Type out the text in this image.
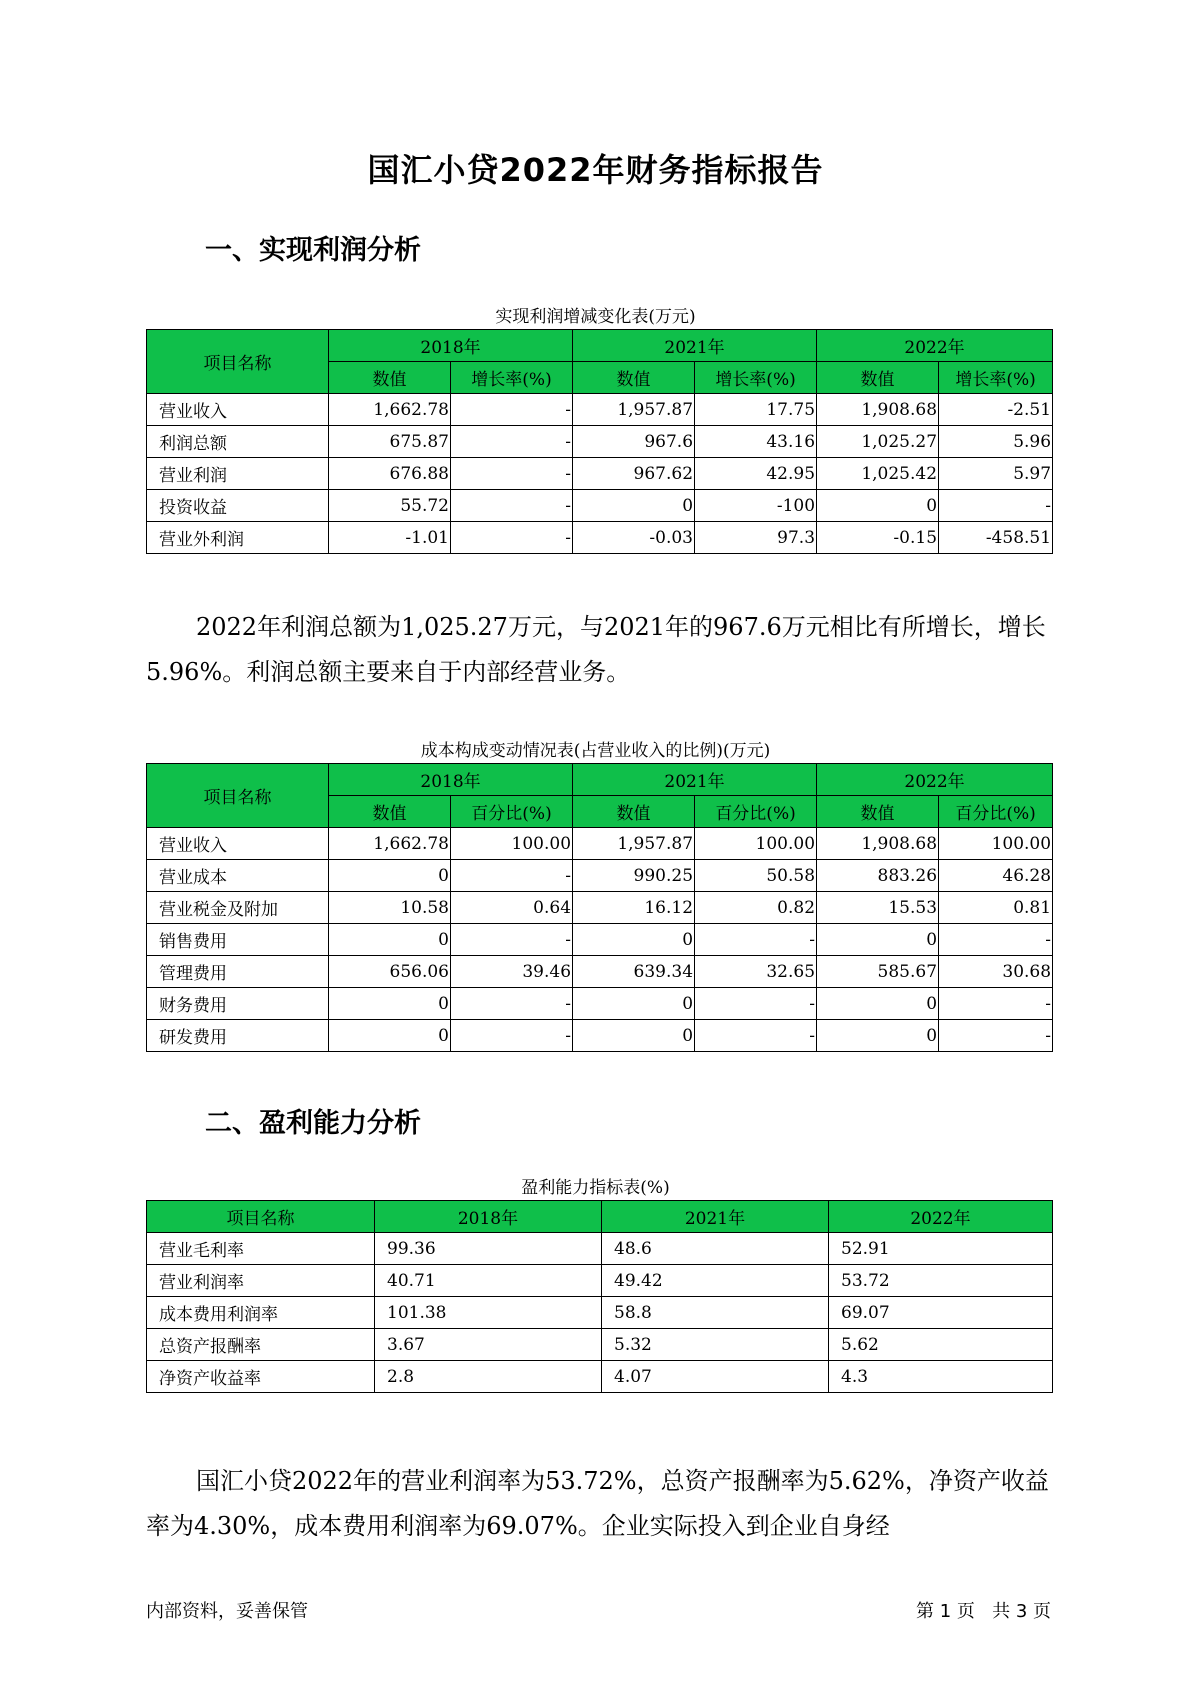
国汇小贷2022年财务指标报告
一、实现利润分析
实现利润增减变化表(万元)
项目名称	2018年		2021年		2022年	
	数值	增长率(%)	数值	增长率(%)	数值	增长率(%)
营业收入	1,662.78	-	1,957.87	17.75	1,908.68	-2.51
利润总额	675.87	-	967.6	43.16	1,025.27	5.96
营业利润	676.88	-	967.62	42.95	1,025.42	5.97
投资收益	55.72	-	0	-100	0	-
营业外利润	-1.01	-	-0.03	97.3	-0.15	-458.51

2022年利润总额为1,025.27万元，与2021年的967.6万元相比有所增长，增长5.96%。利润总额主要来自于内部经营业务。

成本构成变动情况表(占营业收入的比例)(万元)
项目名称	2018年		2021年		2022年	
	数值	百分比(%)	数值	百分比(%)	数值	百分比(%)
营业收入	1,662.78	100.00	1,957.87	100.00	1,908.68	100.00
营业成本	0	-	990.25	50.58	883.26	46.28
营业税金及附加	10.58	0.64	16.12	0.82	15.53	0.81
销售费用	0	-	0	-	0	-
管理费用	656.06	39.46	639.34	32.65	585.67	30.68
财务费用	0	-	0	-	0	-
研发费用	0	-	0	-	0	-
二、盈利能力分析
盈利能力指标表(%)
项目名称	2018年	2021年	2022年
营业毛利率	99.36	48.6	52.91
营业利润率	40.71	49.42	53.72
成本费用利润率	101.38	58.8	69.07
总资产报酬率	3.67	5.32	5.62
净资产收益率	2.8	4.07	4.3

国汇小贷2022年的营业利润率为53.72%，总资产报酬率为5.62%，净资产收益率为4.30%，成本费用利润率为69.07%。企业实际投入到企业自身经

内部资料，妥善保管	第 1 页   共 3 页
